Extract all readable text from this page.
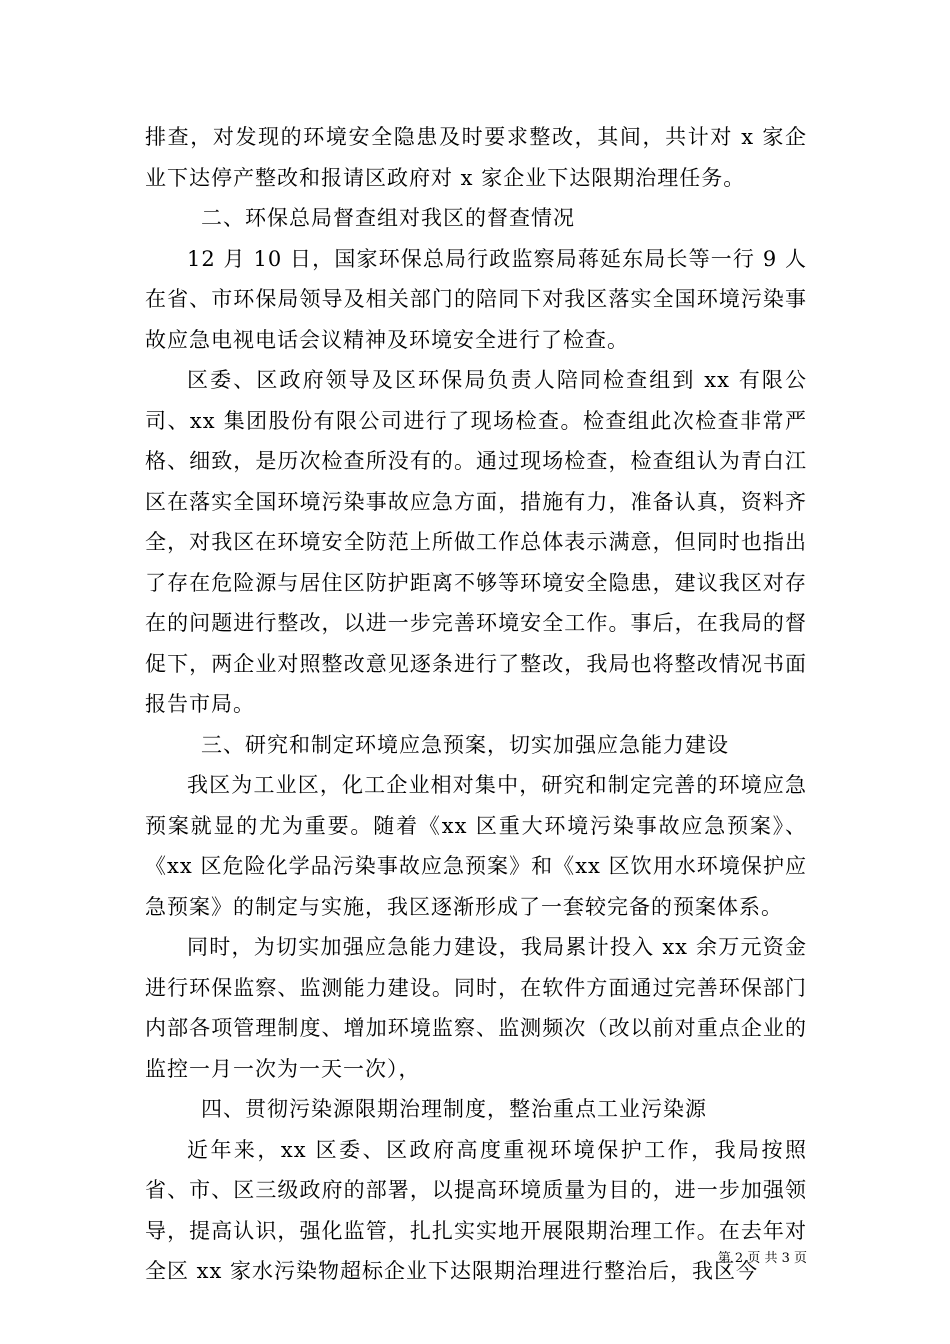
排查，对发现的环境安全隐患及时要求整改，其间，共计对 x 家企业下达停产整改和报请区政府对 x 家企业下达限期治理任务。

二、环保总局督查组对我区的督查情况

12 月 10 日，国家环保总局行政监察局蒋延东局长等一行 9 人在省、市环保局领导及相关部门的陪同下对我区落实全国环境污染事故应急电视电话会议精神及环境安全进行了检查。

区委、区政府领导及区环保局负责人陪同检查组到 xx 有限公司、xx 集团股份有限公司进行了现场检查。检查组此次检查非常严格、细致，是历次检查所没有的。通过现场检查，检查组认为青白江区在落实全国环境污染事故应急方面，措施有力，准备认真，资料齐全，对我区在环境安全防范上所做工作总体表示满意，但同时也指出了存在危险源与居住区防护距离不够等环境安全隐患，建议我区对存在的问题进行整改，以进一步完善环境安全工作。事后，在我局的督促下，两企业对照整改意见逐条进行了整改，我局也将整改情况书面报告市局。

三、研究和制定环境应急预案，切实加强应急能力建设

我区为工业区，化工企业相对集中，研究和制定完善的环境应急预案就显的尤为重要。随着《xx 区重大环境污染事故应急预案》、《xx 区危险化学品污染事故应急预案》和《xx 区饮用水环境保护应急预案》的制定与实施，我区逐渐形成了一套较完备的预案体系。

同时，为切实加强应急能力建设，我局累计投入 xx 余万元资金进行环保监察、监测能力建设。同时，在软件方面通过完善环保部门内部各项管理制度、增加环境监察、监测频次（改以前对重点企业的监控一月一次为一天一次），

四、贯彻污染源限期治理制度，整治重点工业污染源

近年来，xx 区委、区政府高度重视环境保护工作，我局按照省、市、区三级政府的部署，以提高环境质量为目的，进一步加强领导，提高认识，强化监管，扎扎实实地开展限期治理工作。在去年对全区 xx 家水污染物超标企业下达限期治理进行整治后，我区今

第 2 页 共 3 页
